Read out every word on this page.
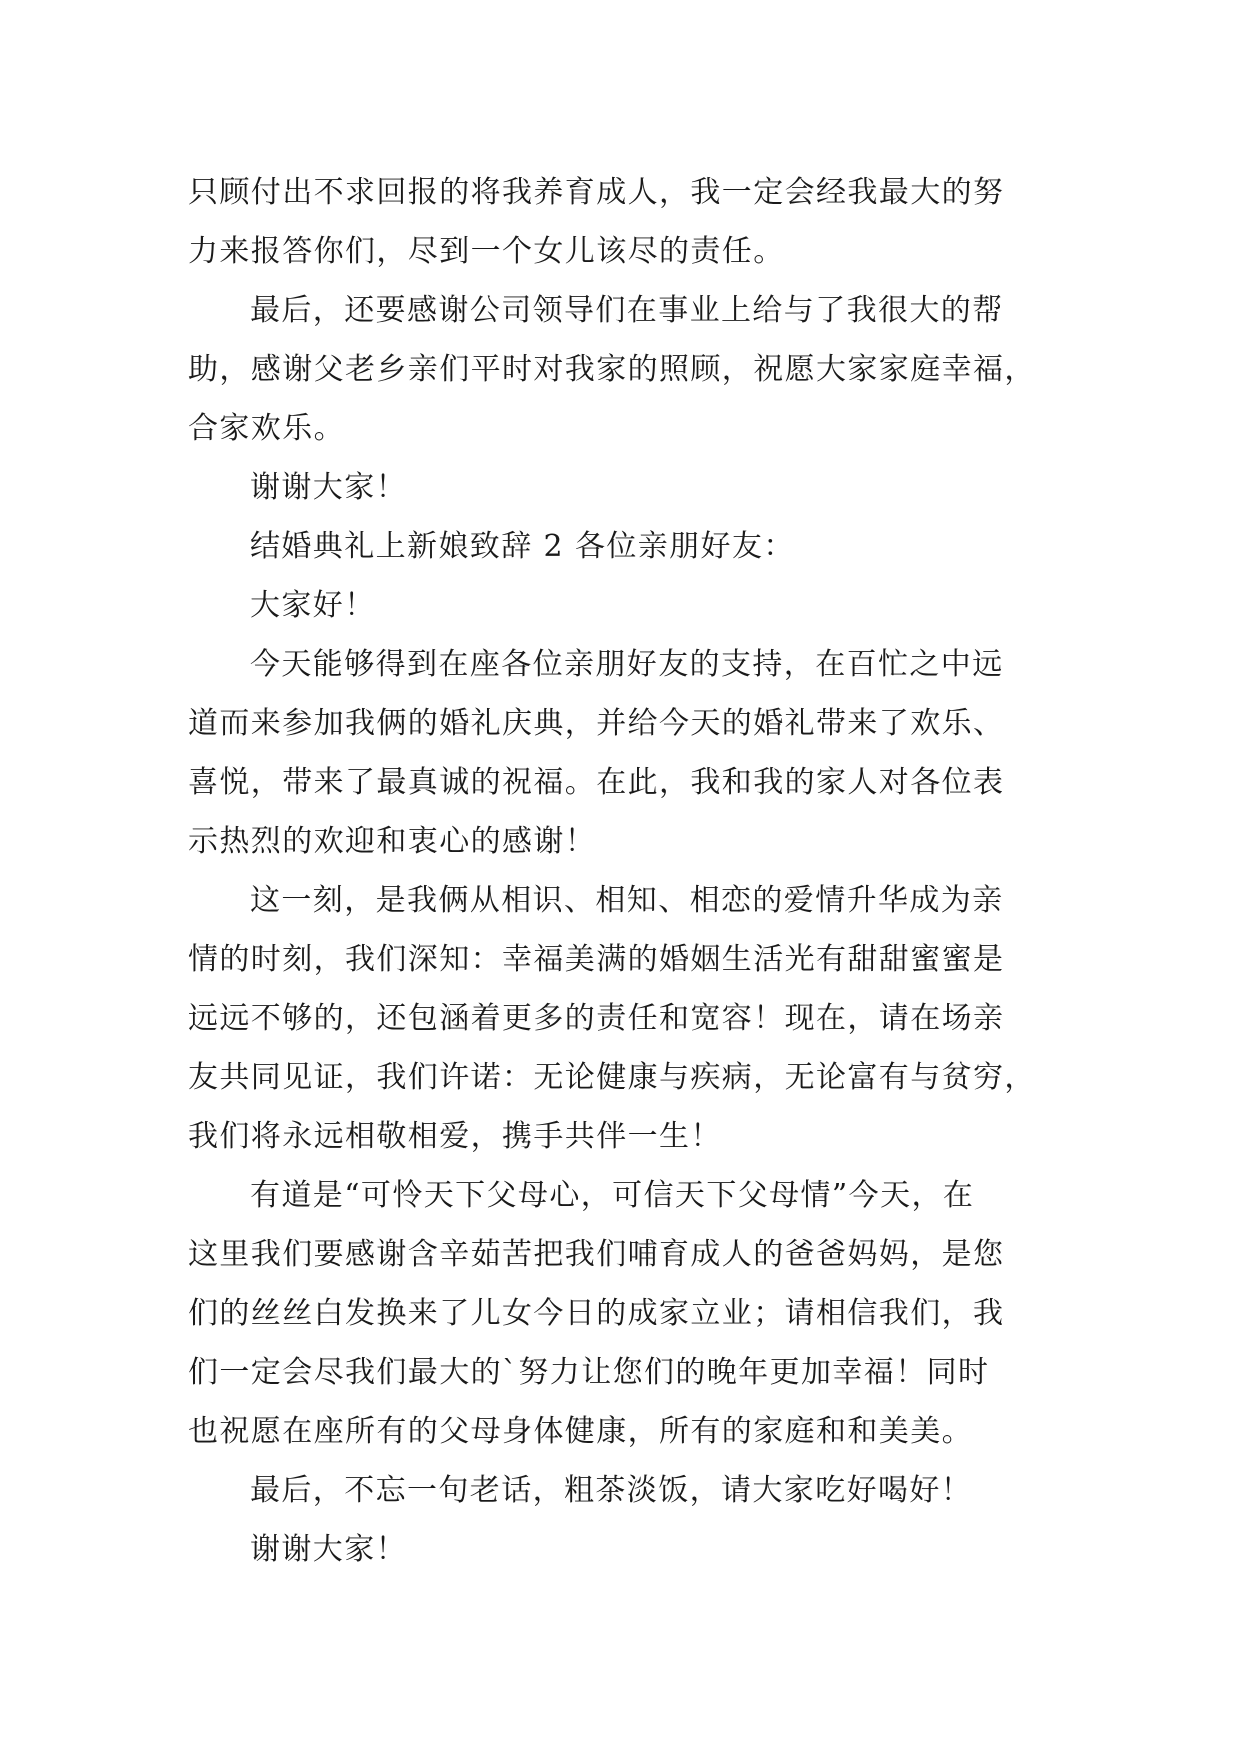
只顾付出不求回报的将我养育成人，我一定会经我最大的努
力来报答你们，尽到一个女儿该尽的责任。
最后，还要感谢公司领导们在事业上给与了我很大的帮
助，感谢父老乡亲们平时对我家的照顾，祝愿大家家庭幸福，
合家欢乐。
谢谢大家！
结婚典礼上新娘致辞 2 各位亲朋好友：
大家好！
今天能够得到在座各位亲朋好友的支持，在百忙之中远
道而来参加我俩的婚礼庆典，并给今天的婚礼带来了欢乐、
喜悦，带来了最真诚的祝福。在此，我和我的家人对各位表
示热烈的欢迎和衷心的感谢！
这一刻，是我俩从相识、相知、相恋的爱情升华成为亲
情的时刻，我们深知：幸福美满的婚姻生活光有甜甜蜜蜜是
远远不够的，还包涵着更多的责任和宽容！现在，请在场亲
友共同见证，我们许诺：无论健康与疾病，无论富有与贫穷，
我们将永远相敬相爱，携手共伴一生！
有道是“可怜天下父母心，可信天下父母情”今天，在
这里我们要感谢含辛茹苦把我们哺育成人的爸爸妈妈，是您
们的丝丝白发换来了儿女今日的成家立业；请相信我们，我
们一定会尽我们最大的`努力让您们的晚年更加幸福！同时
也祝愿在座所有的父母身体健康，所有的家庭和和美美。
最后，不忘一句老话，粗茶淡饭，请大家吃好喝好！
谢谢大家！
